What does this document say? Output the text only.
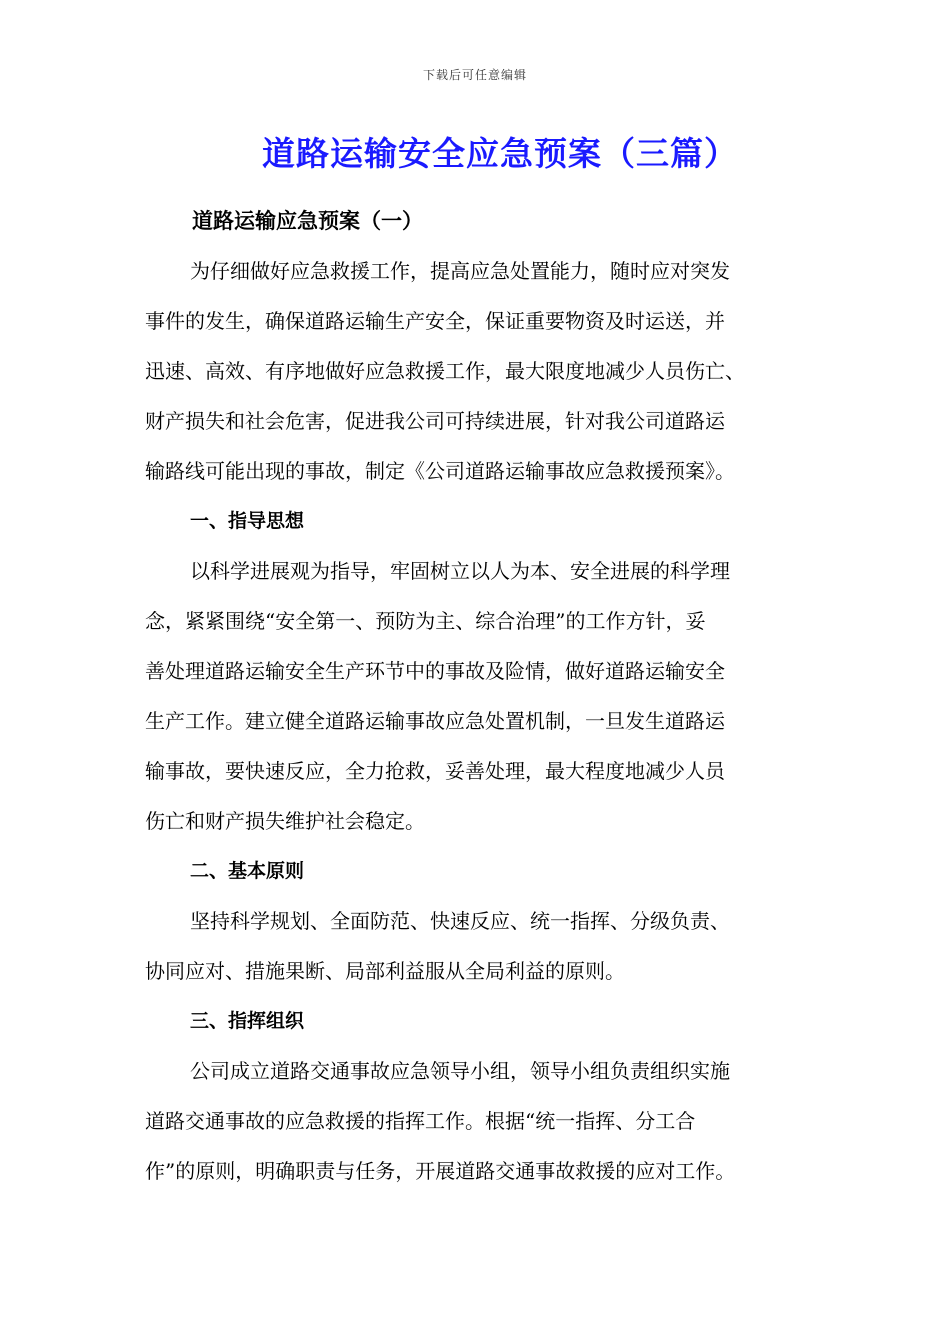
下载后可任意编辑
道路运输安全应急预案（三篇）
道路运输应急预案（一）
为仔细做好应急救援工作，提高应急处置能力，随时应对突发
事件的发生，确保道路运输生产安全，保证重要物资及时运送，并
迅速、高效、有序地做好应急救援工作，最大限度地减少人员伤亡、
财产损失和社会危害，促进我公司可持续进展，针对我公司道路运
输路线可能出现的事故，制定《公司道路运输事故应急救援预案》。
一、指导思想
以科学进展观为指导，牢固树立以人为本、安全进展的科学理
念，紧紧围绕“安全第一、预防为主、综合治理”的工作方针，妥
善处理道路运输安全生产环节中的事故及险情，做好道路运输安全
生产工作。建立健全道路运输事故应急处置机制，一旦发生道路运
输事故，要快速反应，全力抢救，妥善处理，最大程度地减少人员
伤亡和财产损失维护社会稳定。
二、基本原则
坚持科学规划、全面防范、快速反应、统一指挥、分级负责、
协同应对、措施果断、局部利益服从全局利益的原则。
三、指挥组织
公司成立道路交通事故应急领导小组，领导小组负责组织实施
道路交通事故的应急救援的指挥工作。根据“统一指挥、分工合
作”的原则，明确职责与任务，开展道路交通事故救援的应对工作。
